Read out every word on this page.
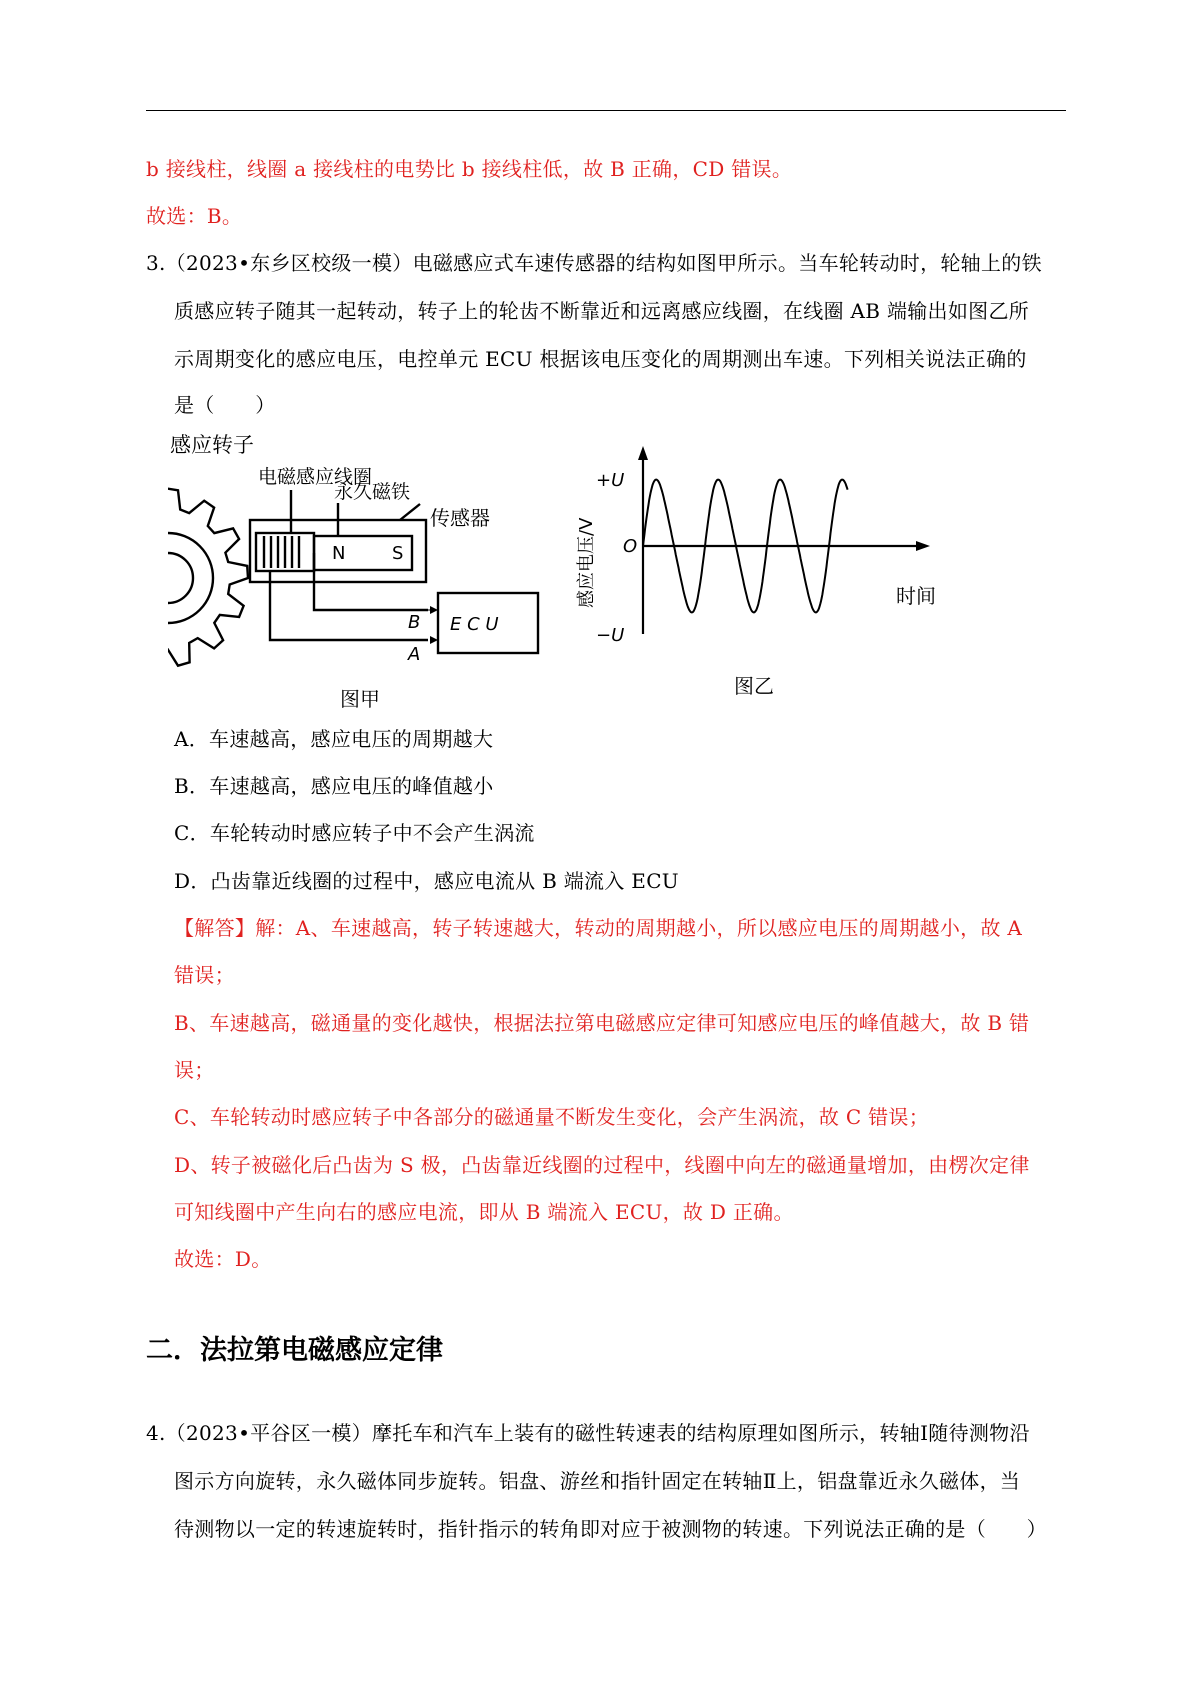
b 接线柱，线圈 a 接线柱的电势比 b 接线柱低，故 B 正确，CD 错误。
故选：B。
3.（2023•东乡区校级一模）电磁感应式车速传感器的结构如图甲所示。当车轮转动时，轮轴上的铁
质感应转子随其一起转动，转子上的轮齿不断靠近和远离感应线圈，在线圈 AB 端输出如图乙所
示周期变化的感应电压，电控单元 ECU 根据该电压变化的周期测出车速。下列相关说法正确的
是（　　）
感应转子
电磁感应线圈
永久磁铁
传感器
N	S
E C U
B
A
图甲
+U
−U
O
感应电压/V	时间
图乙
A．车速越高，感应电压的周期越大
B．车速越高，感应电压的峰值越小
C．车轮转动时感应转子中不会产生涡流
D．凸齿靠近线圈的过程中，感应电流从 B 端流入 ECU
【解答】解：A、车速越高，转子转速越大，转动的周期越小，所以感应电压的周期越小，故 A
错误；
B、车速越高，磁通量的变化越快，根据法拉第电磁感应定律可知感应电压的峰值越大，故 B 错
误；
C、车轮转动时感应转子中各部分的磁通量不断发生变化，会产生涡流，故 C 错误；
D、转子被磁化后凸齿为 S 极，凸齿靠近线圈的过程中，线圈中向左的磁通量增加，由楞次定律
可知线圈中产生向右的感应电流，即从 B 端流入 ECU，故 D 正确。
故选：D。
二．法拉第电磁感应定律
4.（2023•平谷区一模）摩托车和汽车上装有的磁性转速表的结构原理如图所示，转轴Ⅰ随待测物沿
图示方向旋转，永久磁体同步旋转。铝盘、游丝和指针固定在转轴Ⅱ上，铝盘靠近永久磁体，当
待测物以一定的转速旋转时，指针指示的转角即对应于被测物的转速。下列说法正确的是（　　）
